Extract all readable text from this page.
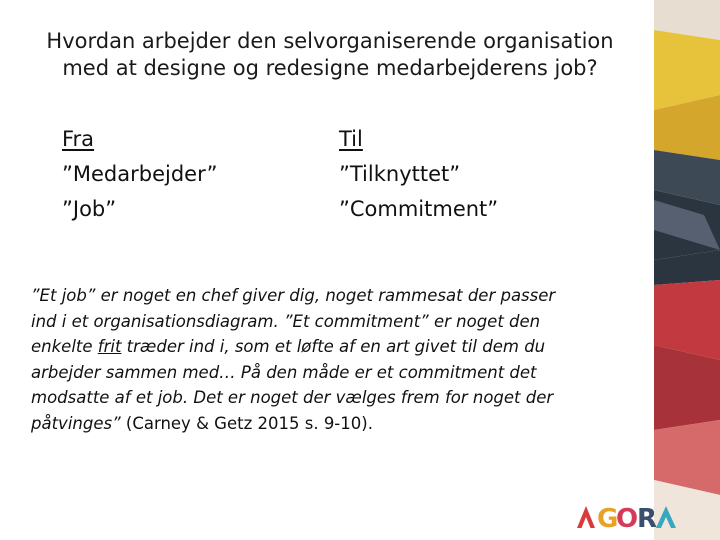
Hvordan arbejder den selvorganiserende organisation
med at designe og redesigne medarbejderens job?
Fra
”Medarbejder”
”Job”
Til
”Tilknyttet”
”Commitment”
”Et job” er noget en chef giver dig, noget rammesat der passer
ind i et organisationsdiagram. ”Et commitment” er noget den
enkelte frit træder ind i, som et løfte af en art givet til dem du
arbejder sammen med… På den måde er et commitment det
modsatte af et job. Det er noget der vælges frem for noget der
påtvinges” (Carney & Getz 2015 s. 9-10).
G
O
R
